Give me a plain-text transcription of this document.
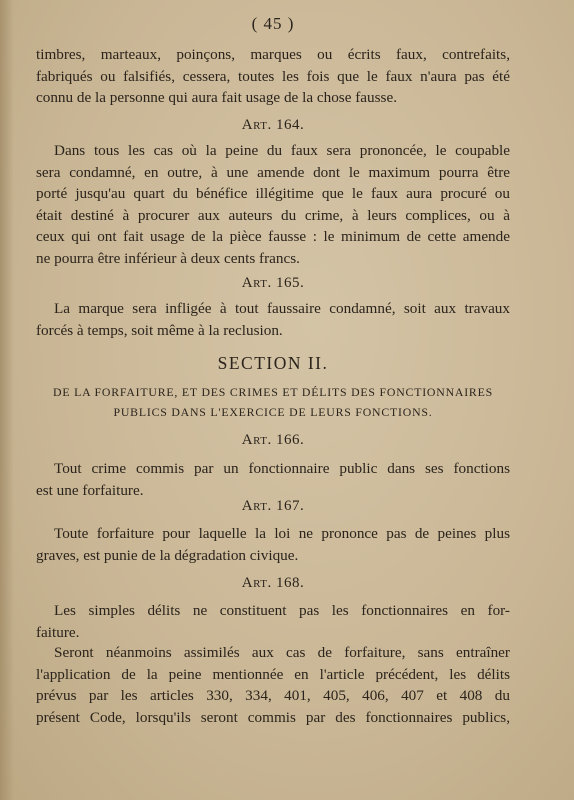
( 45 )

timbres, marteaux, poinçons, marques ou écrits faux, contrefaits,
fabriqués ou falsifiés, cessera, toutes les fois que le faux n'aura pas été
connu de la personne qui aura fait usage de la chose fausse.

Art. 164.

Dans tous les cas où la peine du faux sera prononcée, le coupable
sera condamné, en outre, à une amende dont le maximum pourra être
porté jusqu'au quart du bénéfice illégitime que le faux aura procuré ou
était destiné à procurer aux auteurs du crime, à leurs complices, ou à
ceux qui ont fait usage de la pièce fausse : le minimum de cette amende
ne pourra être inférieur à deux cents francs.

Art. 165.

La marque sera infligée à tout faussaire condamné, soit aux travaux
forcés à temps, soit même à la reclusion.

SECTION II.

DE LA FORFAITURE, ET DES CRIMES ET DÉLITS DES FONCTIONNAIRES

PUBLICS DANS L'EXERCICE DE LEURS FONCTIONS.

Art. 166.

Tout crime commis par un fonctionnaire public dans ses fonctions
est une forfaiture.

Art. 167.

Toute forfaiture pour laquelle la loi ne prononce pas de peines plus
graves, est punie de la dégradation civique.

Art. 168.

Les simples délits ne constituent pas les fonctionnaires en for-
faiture.
Seront néanmoins assimilés aux cas de forfaiture, sans entraîner
l'application de la peine mentionnée en l'article précédent, les délits
prévus par les articles 330, 334, 401, 405, 406, 407 et 408 du
présent Code, lorsqu'ils seront commis par des fonctionnaires publics,
